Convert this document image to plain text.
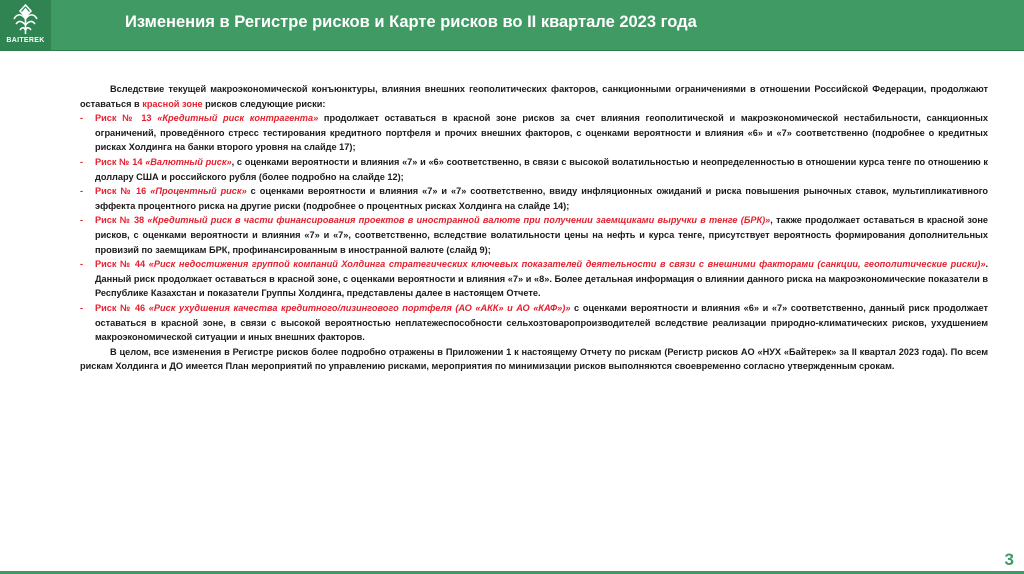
BAITEREK
Изменения в Регистре рисков и Карте рисков во II квартале 2023 года

Вследствие текущей макроэкономической конъюнктуры, влияния внешних геополитических факторов, санкционными ограничениями в отношении Российской Федерации, продолжают оставаться в красной зоне рисков следующие риски:

- Риск № 13 «Кредитный риск контрагента» продолжает оставаться в красной зоне рисков за счет влияния геополитической и макроэкономической нестабильности, санкционных ограничений, проведённого стресс тестирования кредитного портфеля и прочих внешних факторов, с оценками вероятности и влияния «6» и «7» соответственно (подробнее о кредитных рисках Холдинга на банки второго уровня на слайде 17);

- Риск № 14 «Валютный риск», с оценками вероятности и влияния «7» и «6» соответственно, в связи с высокой волатильностью и неопределенностью в отношении курса тенге по отношению к доллару США и российского рубля (более подробно на слайде 12);

- Риск № 16 «Процентный риск» с оценками вероятности и влияния «7» и «7» соответственно, ввиду инфляционных ожиданий и риска повышения рыночных ставок, мультипликативного эффекта процентного риска на другие риски (подробнее о процентных рисках Холдинга на слайде 14);

- Риск № 38 «Кредитный риск в части финансирования проектов в иностранной валюте при получении заемщиками выручки в тенге (БРК)», также продолжает оставаться в красной зоне рисков, с оценками вероятности и влияния «7» и «7», соответственно, вследствие волатильности цены на нефть и курса тенге, присутствует вероятность формирования дополнительных провизий по заемщикам БРК, профинансированным в иностранной валюте (слайд 9);

- Риск № 44 «Риск недостижения группой компаний Холдинга стратегических ключевых показателей деятельности в связи с внешними факторами (санкции, геополитические риски)». Данный риск продолжает оставаться в красной зоне, с оценками вероятности и влияния «7» и «8». Более детальная информация о влиянии данного риска на макроэкономические показатели в Республике Казахстан и показатели Группы Холдинга, представлены далее в настоящем Отчете.

- Риск № 46 «Риск ухудшения качества кредитного/лизингового портфеля (АО «АКК» и АО «КАФ»)» с оценками вероятности и влияния «6» и «7» соответственно, данный риск продолжает оставаться в красной зоне, в связи с высокой вероятностью неплатежеспособности сельхозтоваропроизводителей вследствие реализации природно-климатических рисков, ухудшением макроэкономической ситуации и иных внешних факторов.

В целом, все изменения в Регистре рисков более подробно отражены в Приложении 1 к настоящему Отчету по рискам (Регистр рисков АО «НУХ «Байтерек» за II квартал 2023 года). По всем рискам Холдинга и ДО имеется План мероприятий по управлению рисками, мероприятия по минимизации рисков выполняются своевременно согласно утвержденным срокам.

3
